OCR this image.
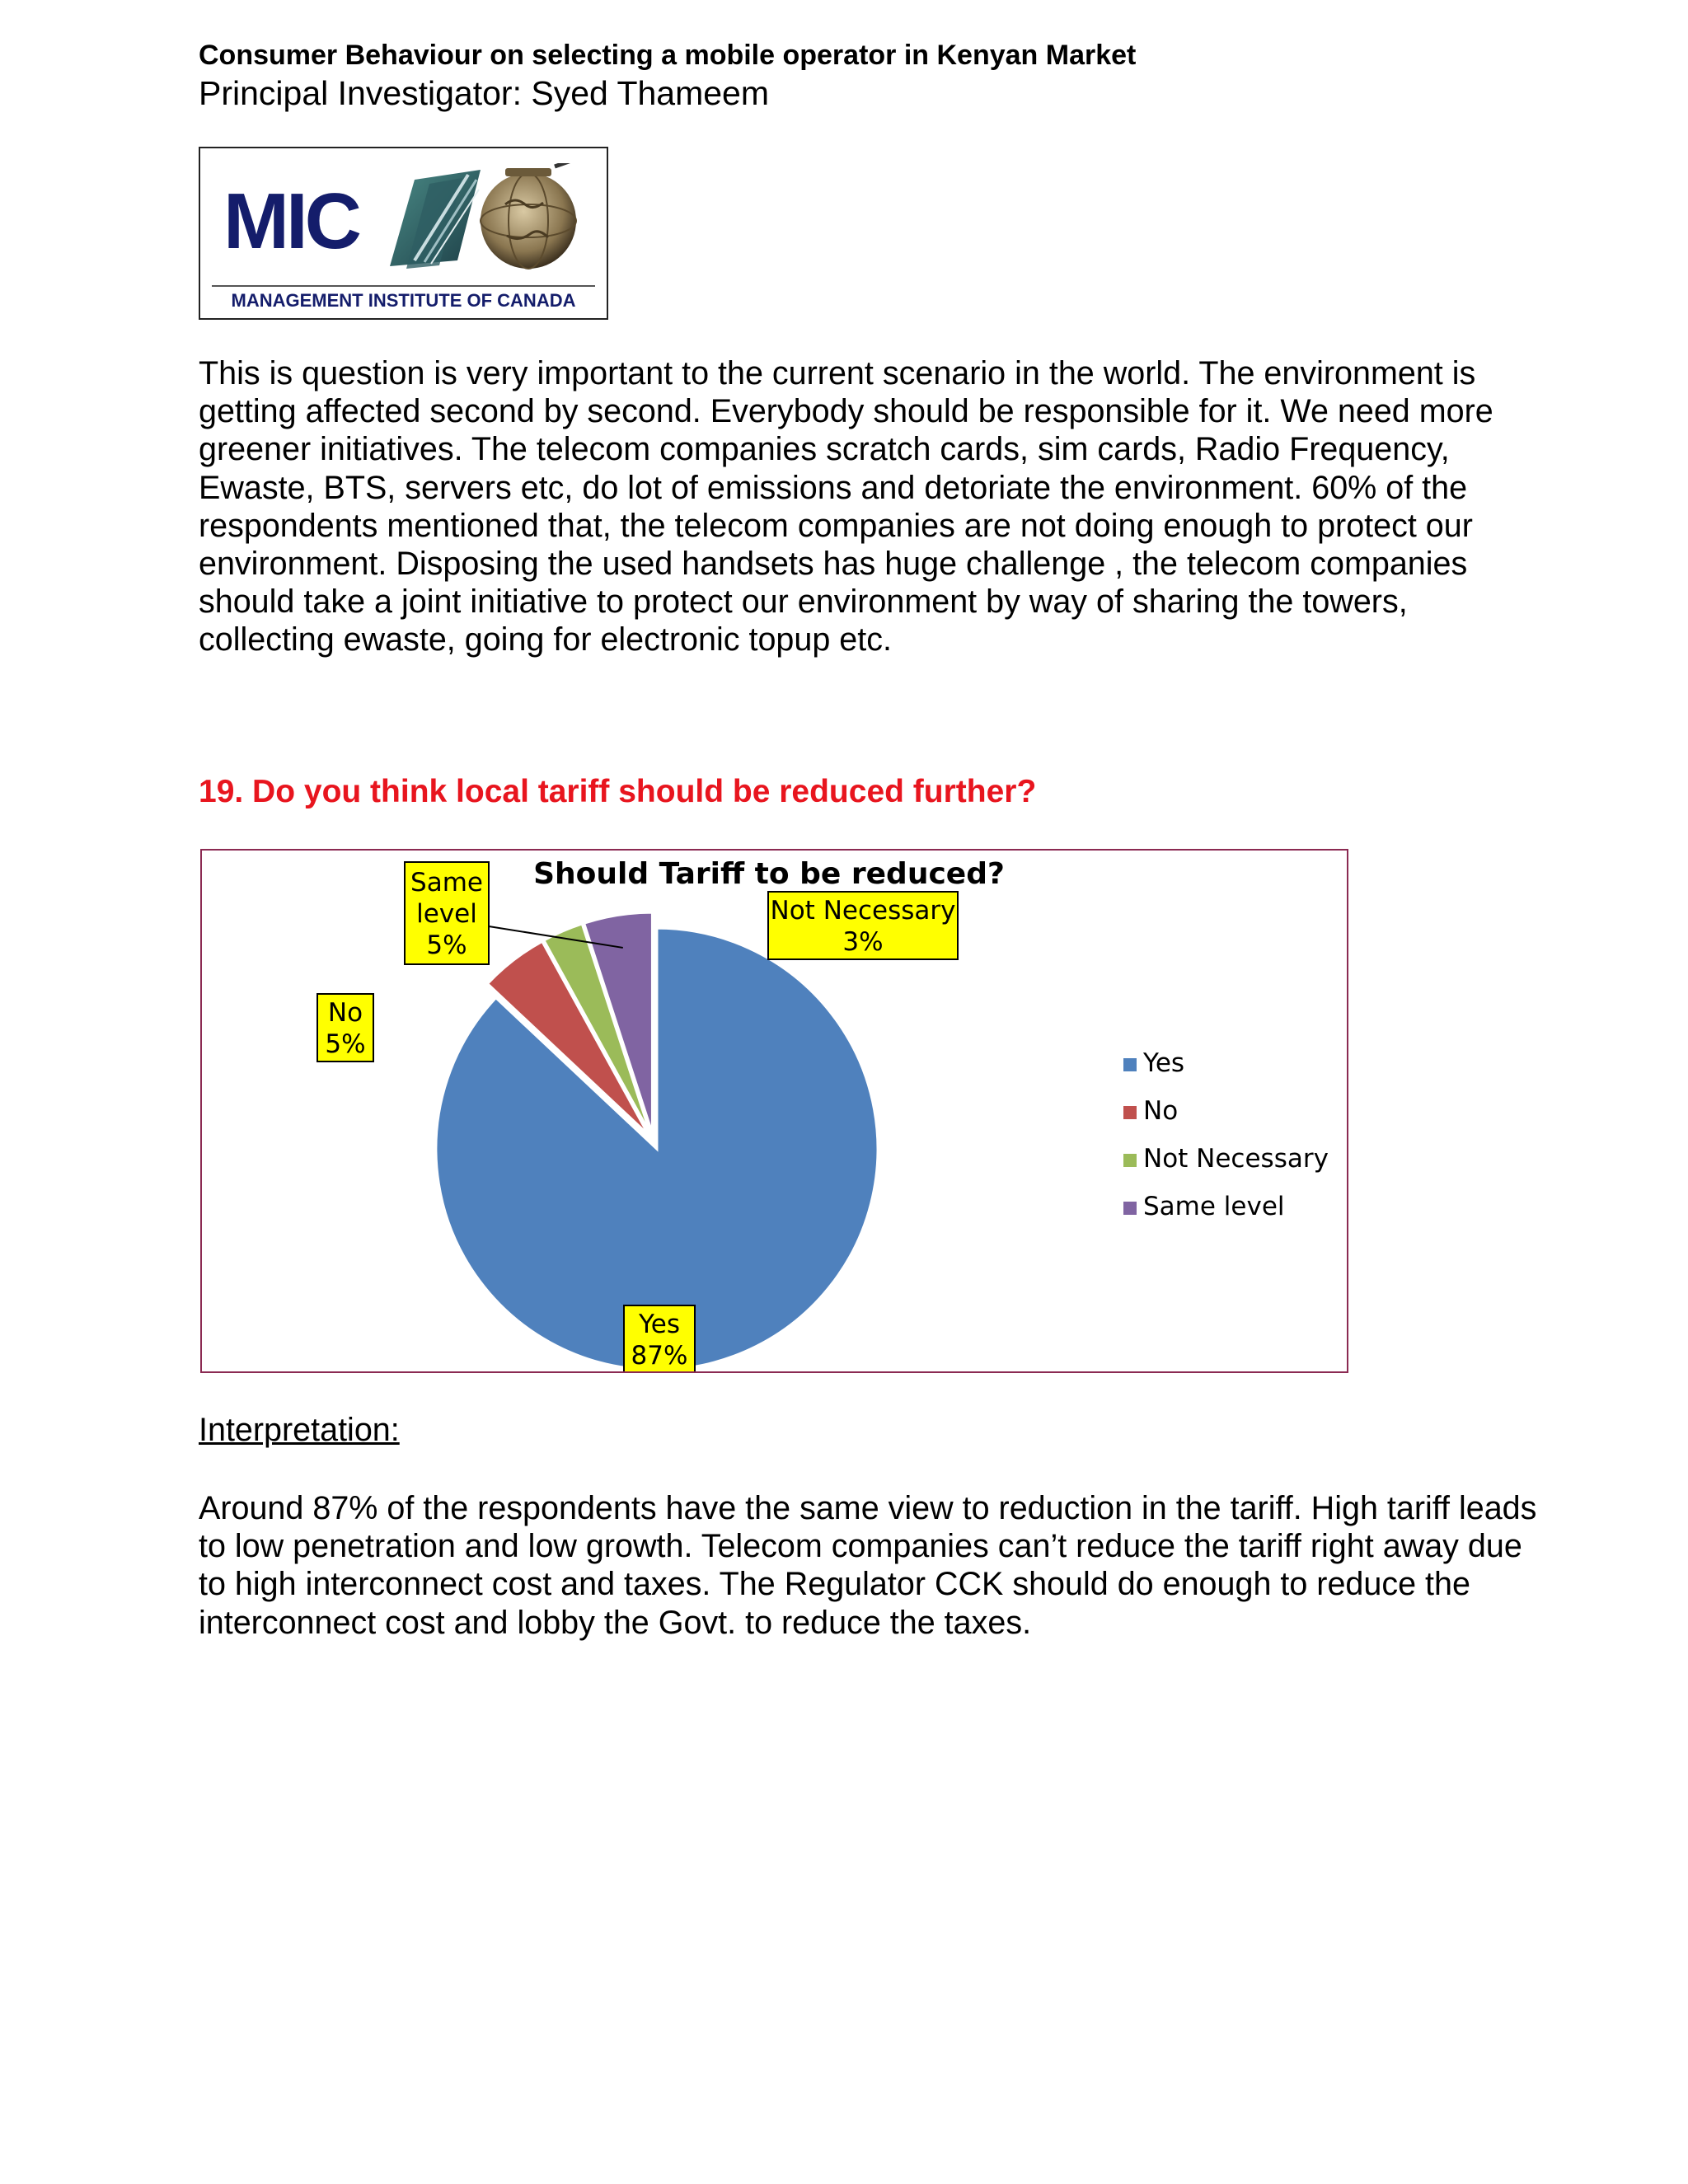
Consumer Behaviour on selecting a mobile operator in Kenyan Market
Principal Investigator: Syed Thameem
MIC
MANAGEMENT INSTITUTE OF CANADA
This is question is very important to the current scenario in the world. The environment is getting affected second by second. Everybody should be responsible for it. We need more greener initiatives. The telecom companies scratch cards, sim cards, Radio Frequency, Ewaste, BTS, servers etc, do lot of emissions and detoriate the environment. 60% of the respondents mentioned that, the telecom companies are not doing enough to protect our environment. Disposing the used handsets has huge challenge , the telecom companies should take a joint initiative to protect our environment by way of sharing the towers, collecting ewaste, going for electronic topup etc.
19. Do you think local tariff should be reduced further?
Should Tariff to be reduced?
Yes
87%
No
5%
Not Necessary
3%
Same
level
5%
Yes
No
Not Necessary
Same level
Interpretation:
Around 87% of the respondents have the same view to reduction in the tariff. High tariff leads to low penetration and low growth. Telecom companies can’t reduce the tariff right away due to high interconnect cost and taxes. The Regulator CCK should do enough to reduce the interconnect cost and lobby the Govt. to reduce the taxes.
